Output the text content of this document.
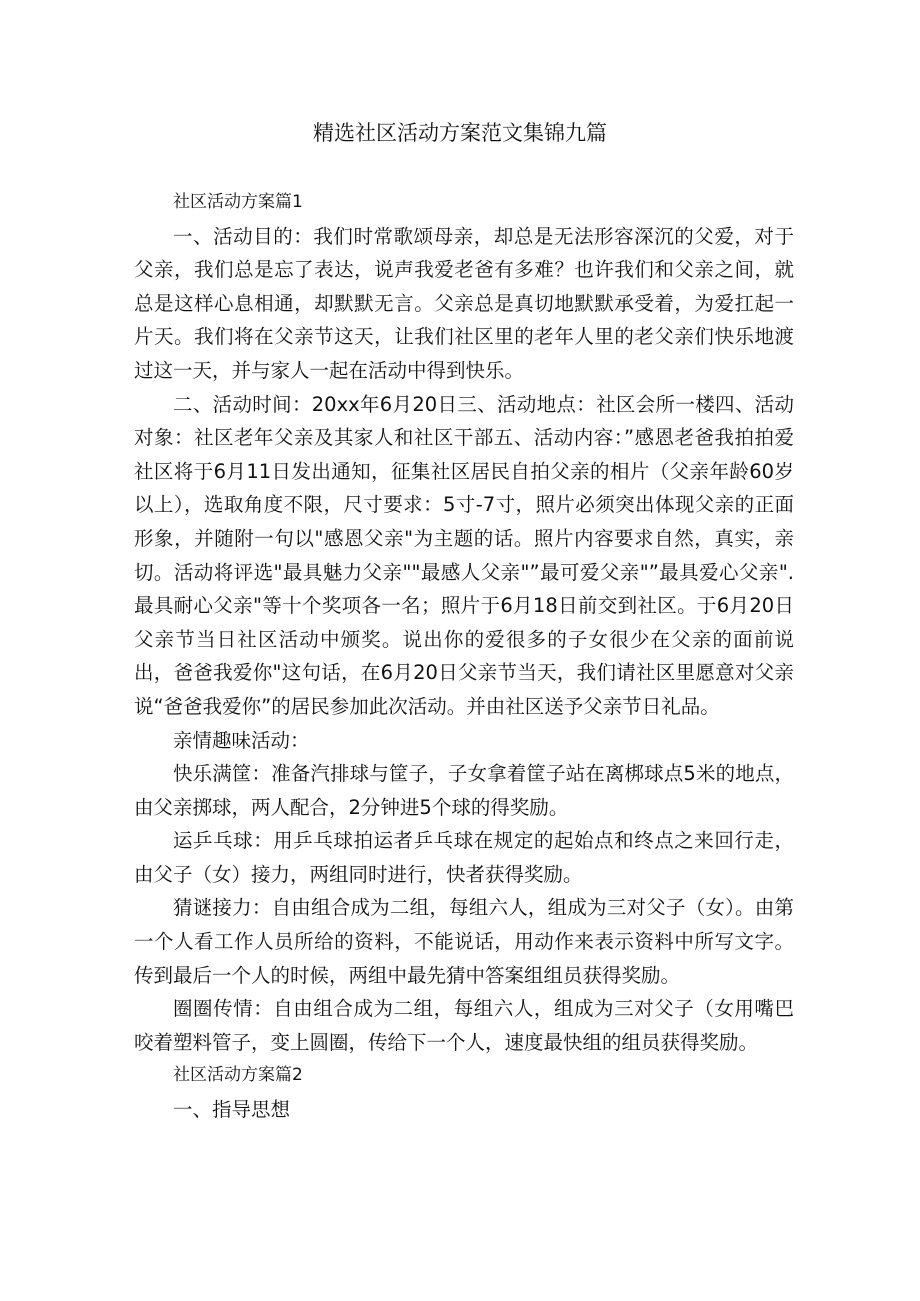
精选社区活动方案范文集锦九篇

社区活动方案篇1

一、活动目的：我们时常歌颂母亲，却总是无法形容深沉的父爱，对于父亲，我们总是忘了表达，说声我爱老爸有多难？也许我们和父亲之间，就总是这样心息相通，却默默无言。父亲总是真切地默默承受着，为爱扛起一片天。我们将在父亲节这天，让我们社区里的老年人里的老父亲们快乐地渡过这一天，并与家人一起在活动中得到快乐。

二、活动时间：20xx年6月20日三、活动地点：社区会所一楼四、活动对象：社区老年父亲及其家人和社区干部五、活动内容：”感恩老爸我拍拍爱社区将于6月11日发出通知，征集社区居民自拍父亲的相片（父亲年龄60岁以上），选取角度不限，尺寸要求：5寸-7寸，照片必须突出体现父亲的正面形象，并随附一句以"感恩父亲"为主题的话。照片内容要求自然，真实，亲切。活动将评选"最具魅力父亲""最感人父亲"”最可爱父亲"”最具爱心父亲".最具耐心父亲"等十个奖项各一名；照片于6月18日前交到社区。于6月20日父亲节当日社区活动中颁奖。说出你的爱很多的子女很少在父亲的面前说出，爸爸我爱你"这句话，在6月20日父亲节当天，我们请社区里愿意对父亲说“爸爸我爱你”的居民参加此次活动。并由社区送予父亲节日礼品。

亲情趣味活动：

快乐满筐：准备汽排球与筐子，子女拿着筐子站在离梆球点5米的地点，由父亲掷球，两人配合，2分钟进5个球的得奖励。

运乒乓球：用乒乓球拍运者乒乓球在规定的起始点和终点之来回行走，由父子（女）接力，两组同时进行，快者获得奖励。

猜谜接力：自由组合成为二组，每组六人，组成为三对父子（女）。由第一个人看工作人员所给的资料，不能说话，用动作来表示资料中所写文字。传到最后一个人的时候，两组中最先猜中答案组组员获得奖励。

圈圈传情：自由组合成为二组，每组六人，组成为三对父子（女用嘴巴咬着塑料管子，变上圆圈，传给下一个人，速度最快组的组员获得奖励。

社区活动方案篇2

一、指导思想
